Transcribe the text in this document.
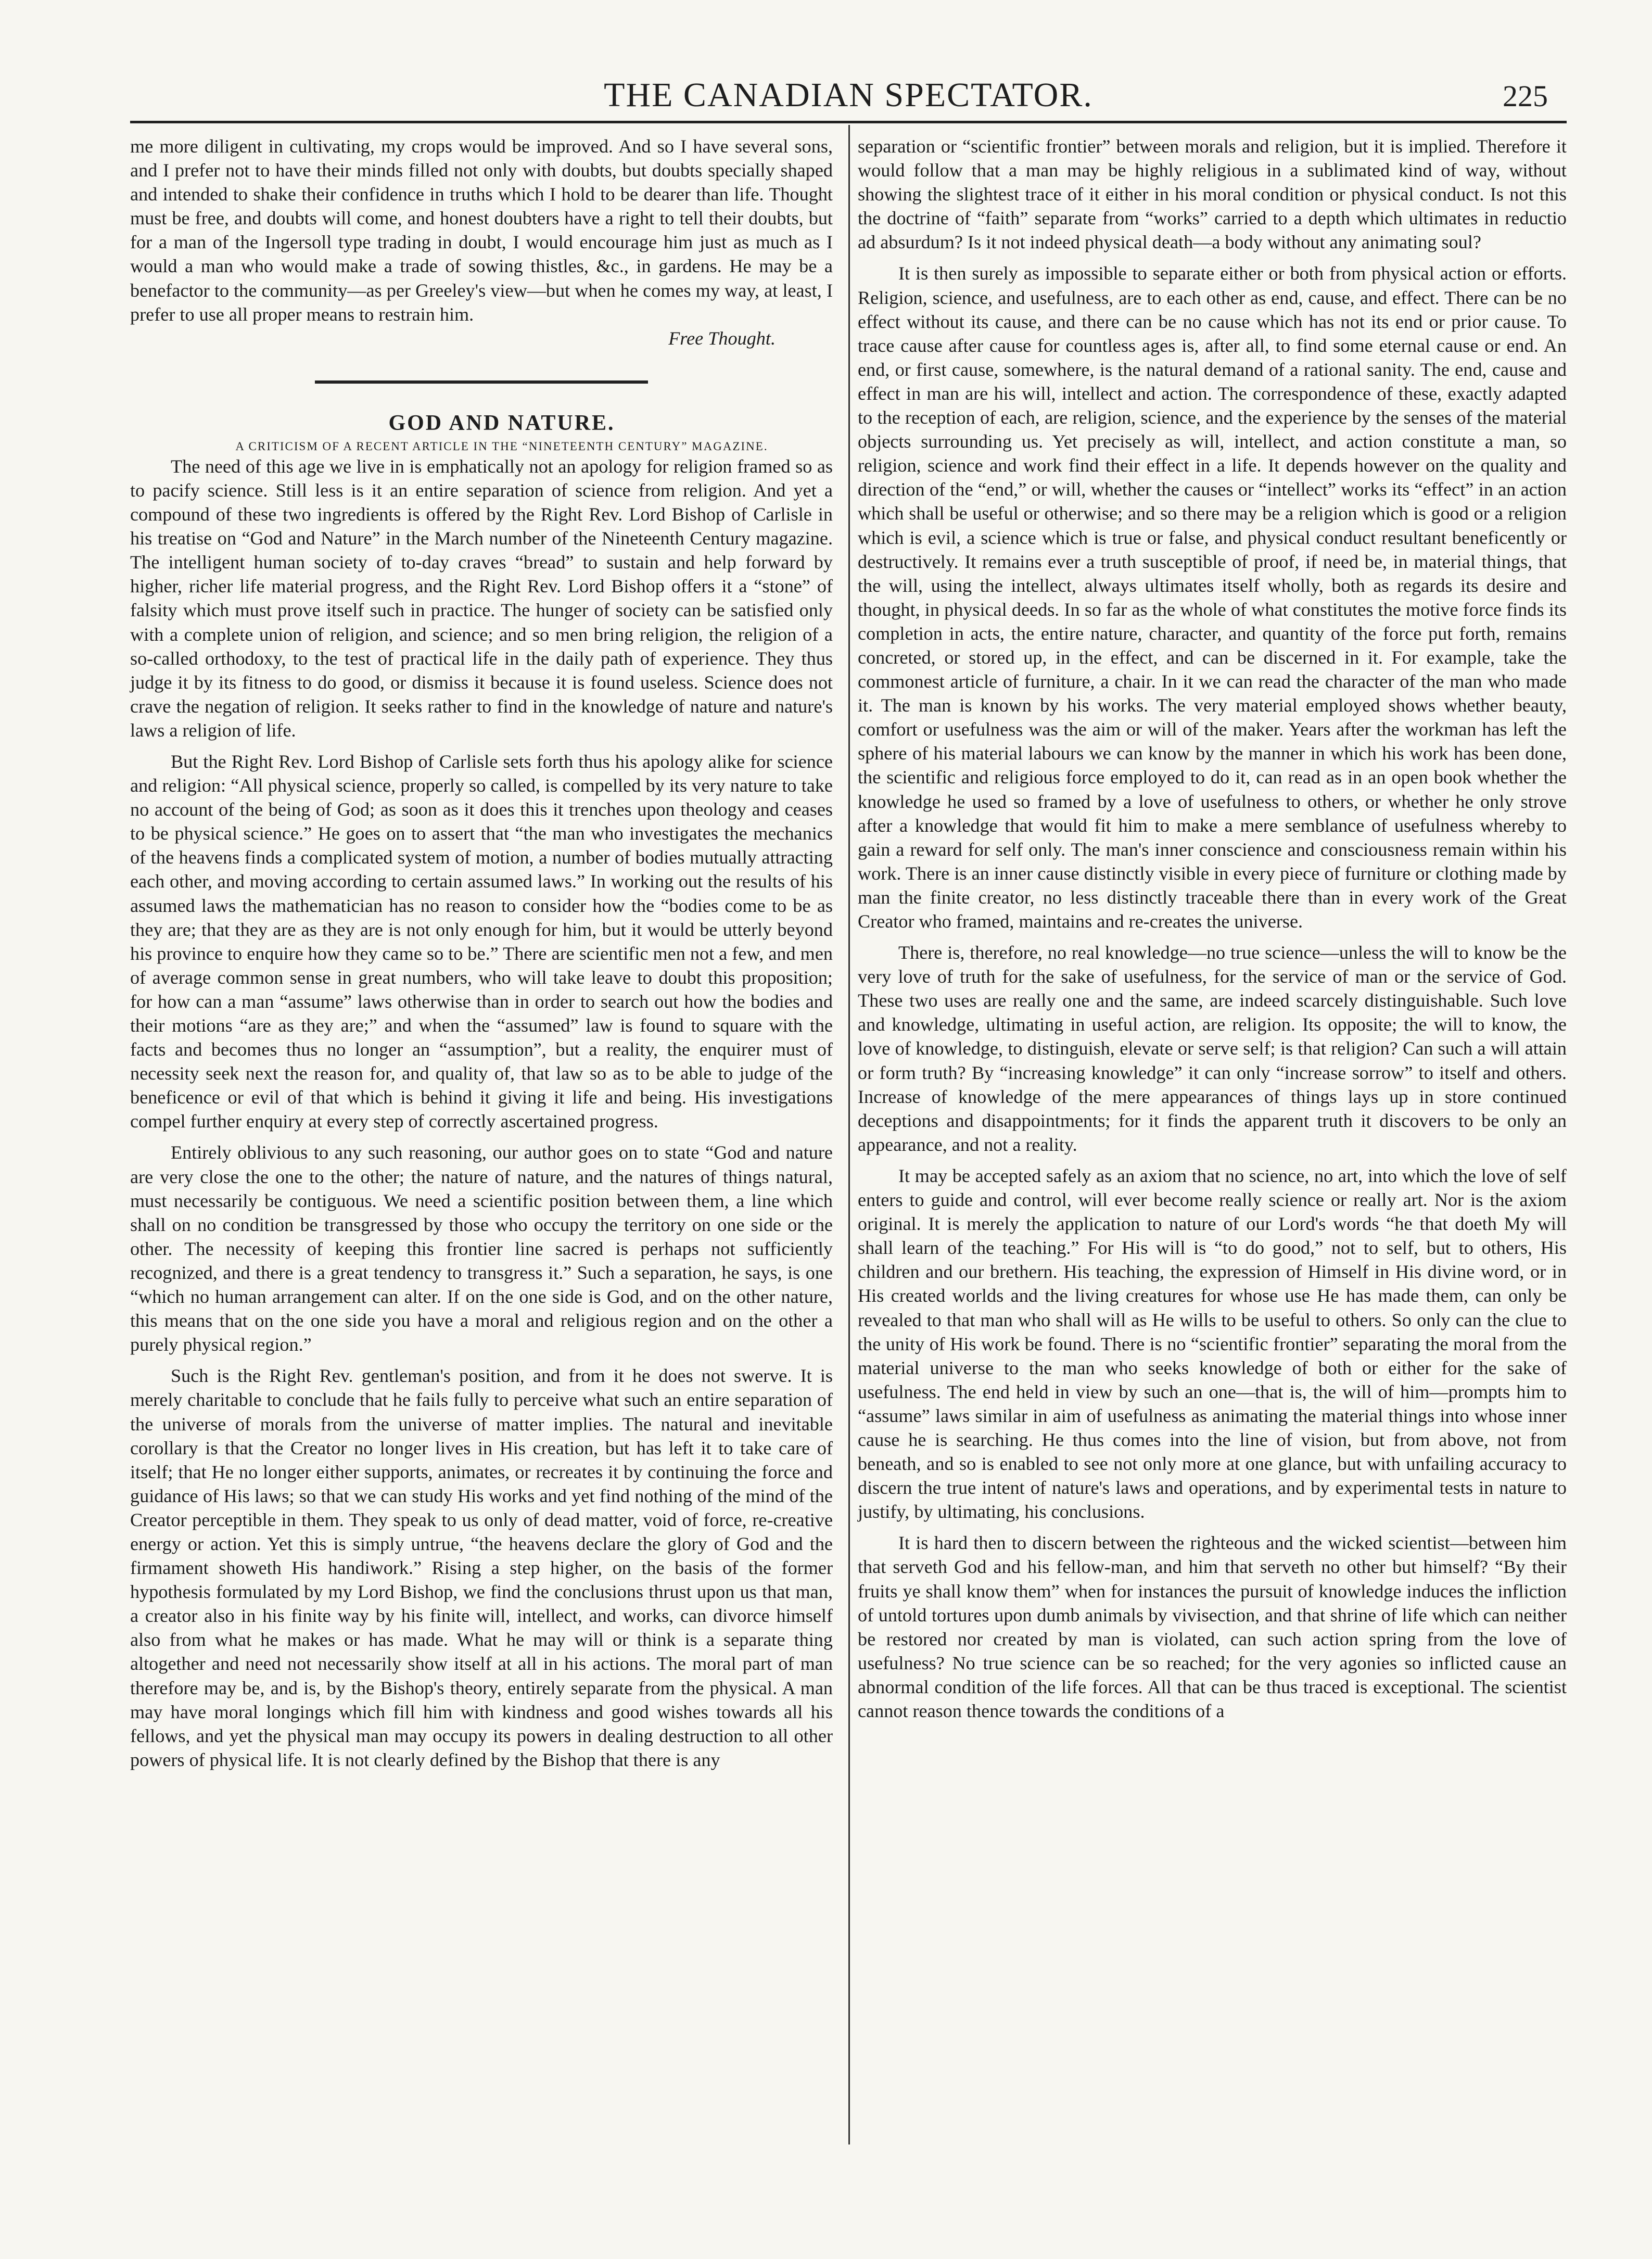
THE CANADIAN SPECTATOR.	225

me more diligent in cultivating, my crops would be improved. And so I have several sons, and I prefer not to have their minds filled not only with doubts, but doubts specially shaped and intended to shake their confidence in truths which I hold to be dearer than life. Thought must be free, and doubts will come, and honest doubters have a right to tell their doubts, but for a man of the Ingersoll type trading in doubt, I would encourage him just as much as I would a man who would make a trade of sowing thistles, &c., in gardens. He may be a benefactor to the community—as per Greeley's view—but when he comes my way, at least, I prefer to use all proper means to restrain him.

Free Thought.

GOD AND NATURE.

A CRITICISM OF A RECENT ARTICLE IN THE “NINETEENTH CENTURY” MAGAZINE.

The need of this age we live in is emphatically not an apology for religion framed so as to pacify science. Still less is it an entire separation of science from religion. And yet a compound of these two ingredients is offered by the Right Rev. Lord Bishop of Carlisle in his treatise on “God and Nature” in the March number of the Nineteenth Century magazine. The intelligent human society of to-day craves “bread” to sustain and help forward by higher, richer life material progress, and the Right Rev. Lord Bishop offers it a “stone” of falsity which must prove itself such in practice. The hunger of society can be satisfied only with a complete union of religion, and science; and so men bring religion, the religion of a so-called orthodoxy, to the test of practical life in the daily path of experience. They thus judge it by its fitness to do good, or dismiss it because it is found useless. Science does not crave the negation of religion. It seeks rather to find in the knowledge of nature and nature's laws a religion of life.

But the Right Rev. Lord Bishop of Carlisle sets forth thus his apology alike for science and religion: “All physical science, properly so called, is compelled by its very nature to take no account of the being of God; as soon as it does this it trenches upon theology and ceases to be physical science.” He goes on to assert that “the man who investigates the mechanics of the heavens finds a complicated system of motion, a number of bodies mutually attracting each other, and moving according to certain assumed laws.” In working out the results of his assumed laws the mathematician has no reason to consider how the “bodies come to be as they are; that they are as they are is not only enough for him, but it would be utterly beyond his province to enquire how they came so to be.” There are scientific men not a few, and men of average common sense in great numbers, who will take leave to doubt this proposition; for how can a man “assume” laws otherwise than in order to search out how the bodies and their motions “are as they are;” and when the “assumed” law is found to square with the facts and becomes thus no longer an “assumption”, but a reality, the enquirer must of necessity seek next the reason for, and quality of, that law so as to be able to judge of the beneficence or evil of that which is behind it giving it life and being. His investigations compel further enquiry at every step of correctly ascertained progress.

Entirely oblivious to any such reasoning, our author goes on to state “God and nature are very close the one to the other; the nature of nature, and the natures of things natural, must necessarily be contiguous. We need a scientific position between them, a line which shall on no condition be transgressed by those who occupy the territory on one side or the other. The necessity of keeping this frontier line sacred is perhaps not sufficiently recognized, and there is a great tendency to transgress it.” Such a separation, he says, is one “which no human arrangement can alter. If on the one side is God, and on the other nature, this means that on the one side you have a moral and religious region and on the other a purely physical region.”

Such is the Right Rev. gentleman's position, and from it he does not swerve. It is merely charitable to conclude that he fails fully to perceive what such an entire separation of the universe of morals from the universe of matter implies. The natural and inevitable corollary is that the Creator no longer lives in His creation, but has left it to take care of itself; that He no longer either supports, animates, or recreates it by continuing the force and guidance of His laws; so that we can study His works and yet find nothing of the mind of the Creator perceptible in them. They speak to us only of dead matter, void of force, re-creative energy or action. Yet this is simply untrue, “the heavens declare the glory of God and the firmament showeth His handiwork.” Rising a step higher, on the basis of the former hypothesis formulated by my Lord Bishop, we find the conclusions thrust upon us that man, a creator also in his finite way by his finite will, intellect, and works, can divorce himself also from what he makes or has made. What he may will or think is a separate thing altogether and need not necessarily show itself at all in his actions. The moral part of man therefore may be, and is, by the Bishop's theory, entirely separate from the physical. A man may have moral longings which fill him with kindness and good wishes towards all his fellows, and yet the physical man may occupy its powers in dealing destruction to all other powers of physical life. It is not clearly defined by the Bishop that there is any

separation or “scientific frontier” between morals and religion, but it is implied. Therefore it would follow that a man may be highly religious in a sublimated kind of way, without showing the slightest trace of it either in his moral condition or physical conduct. Is not this the doctrine of “faith” separate from “works” carried to a depth which ultimates in reductio ad absurdum? Is it not indeed physical death—a body without any animating soul?

It is then surely as impossible to separate either or both from physical action or efforts. Religion, science, and usefulness, are to each other as end, cause, and effect. There can be no effect without its cause, and there can be no cause which has not its end or prior cause. To trace cause after cause for countless ages is, after all, to find some eternal cause or end. An end, or first cause, somewhere, is the natural demand of a rational sanity. The end, cause and effect in man are his will, intellect and action. The correspondence of these, exactly adapted to the reception of each, are religion, science, and the experience by the senses of the material objects surrounding us. Yet precisely as will, intellect, and action constitute a man, so religion, science and work find their effect in a life. It depends however on the quality and direction of the “end,” or will, whether the causes or “intellect” works its “effect” in an action which shall be useful or otherwise; and so there may be a religion which is good or a religion which is evil, a science which is true or false, and physical conduct resultant beneficently or destructively. It remains ever a truth susceptible of proof, if need be, in material things, that the will, using the intellect, always ultimates itself wholly, both as regards its desire and thought, in physical deeds. In so far as the whole of what constitutes the motive force finds its completion in acts, the entire nature, character, and quantity of the force put forth, remains concreted, or stored up, in the effect, and can be discerned in it. For example, take the commonest article of furniture, a chair. In it we can read the character of the man who made it. The man is known by his works. The very material employed shows whether beauty, comfort or usefulness was the aim or will of the maker. Years after the workman has left the sphere of his material labours we can know by the manner in which his work has been done, the scientific and religious force employed to do it, can read as in an open book whether the knowledge he used so framed by a love of usefulness to others, or whether he only strove after a knowledge that would fit him to make a mere semblance of usefulness whereby to gain a reward for self only. The man's inner conscience and consciousness remain within his work. There is an inner cause distinctly visible in every piece of furniture or clothing made by man the finite creator, no less distinctly traceable there than in every work of the Great Creator who framed, maintains and re-creates the universe.

There is, therefore, no real knowledge—no true science—unless the will to know be the very love of truth for the sake of usefulness, for the service of man or the service of God. These two uses are really one and the same, are indeed scarcely distinguishable. Such love and knowledge, ultimating in useful action, are religion. Its opposite; the will to know, the love of knowledge, to distinguish, elevate or serve self; is that religion? Can such a will attain or form truth? By “increasing knowledge” it can only “increase sorrow” to itself and others. Increase of knowledge of the mere appearances of things lays up in store continued deceptions and disappointments; for it finds the apparent truth it discovers to be only an appearance, and not a reality.

It may be accepted safely as an axiom that no science, no art, into which the love of self enters to guide and control, will ever become really science or really art. Nor is the axiom original. It is merely the application to nature of our Lord's words “he that doeth My will shall learn of the teaching.” For His will is “to do good,” not to self, but to others, His children and our brethern. His teaching, the expression of Himself in His divine word, or in His created worlds and the living creatures for whose use He has made them, can only be revealed to that man who shall will as He wills to be useful to others. So only can the clue to the unity of His work be found. There is no “scientific frontier” separating the moral from the material universe to the man who seeks knowledge of both or either for the sake of usefulness. The end held in view by such an one—that is, the will of him—prompts him to “assume” laws similar in aim of usefulness as animating the material things into whose inner cause he is searching. He thus comes into the line of vision, but from above, not from beneath, and so is enabled to see not only more at one glance, but with unfailing accuracy to discern the true intent of nature's laws and operations, and by experimental tests in nature to justify, by ultimating, his conclusions.

It is hard then to discern between the righteous and the wicked scientist—between him that serveth God and his fellow-man, and him that serveth no other but himself? “By their fruits ye shall know them” when for instances the pursuit of knowledge induces the infliction of untold tortures upon dumb animals by vivisection, and that shrine of life which can neither be restored nor created by man is violated, can such action spring from the love of usefulness? No true science can be so reached; for the very agonies so inflicted cause an abnormal condition of the life forces. All that can be thus traced is exceptional. The scientist cannot reason thence towards the conditions of a
